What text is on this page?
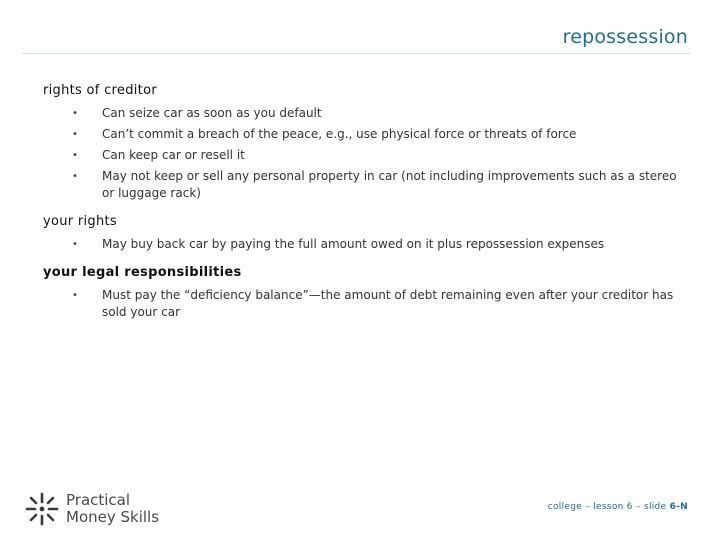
repossession
rights of creditor
• Can seize car as soon as you default
• Can’t commit a breach of the peace, e.g., use physical force or threats of force
• Can keep car or resell it
• May not keep or sell any personal property in car (not including improvements such as a stereo or luggage rack)
your rights
• May buy back car by paying the full amount owed on it plus repossession expenses
your legal responsibilities
• Must pay the “deficiency balance”—the amount of debt remaining even after your creditor has sold your car
Practical
Money Skills
college – lesson 6 – slide 6-N
